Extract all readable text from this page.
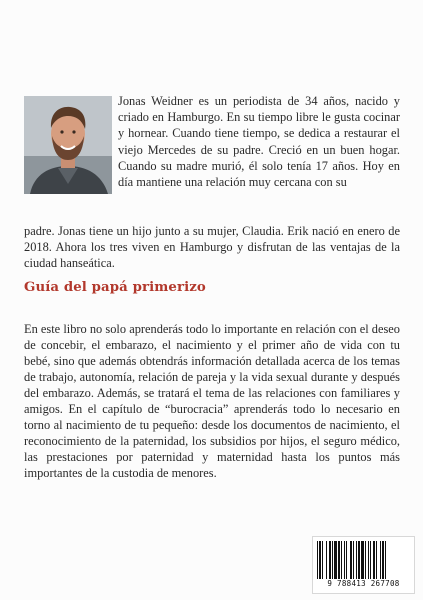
Jonas Weidner es un periodista de 34 años, nacido y criado en Hamburgo. En su tiempo libre le gusta cocinar y hornear. Cuando tiene tiempo, se dedica a restaurar el viejo Mercedes de su padre. Creció en un buen hogar. Cuando su madre murió, él solo tenía 17 años. Hoy en día mantiene una relación muy cercana con su

padre. Jonas tiene un hijo junto a su mujer, Claudia. Erik nació en enero de 2018. Ahora los tres viven en Hamburgo y disfrutan de las ventajas de la ciudad hanseática.

Guía del papá primerizo

En este libro no solo aprenderás todo lo importante en relación con el deseo de concebir, el embarazo, el nacimiento y el primer año de vida con tu bebé, sino que además obtendrás información detallada acerca de los temas de trabajo, autonomía, relación de pareja y la vida sexual durante y después del embarazo. Además, se tratará el tema de las relaciones con familiares y amigos. En el capítulo de “burocracia” aprenderás todo lo necesario en torno al nacimiento de tu pequeño: desde los documentos de nacimiento, el reconocimiento de la paternidad, los subsidios por hijos, el seguro médico, las prestaciones por paternidad y maternidad hasta los puntos más importantes de la custodia de menores.

9 788413 267708
